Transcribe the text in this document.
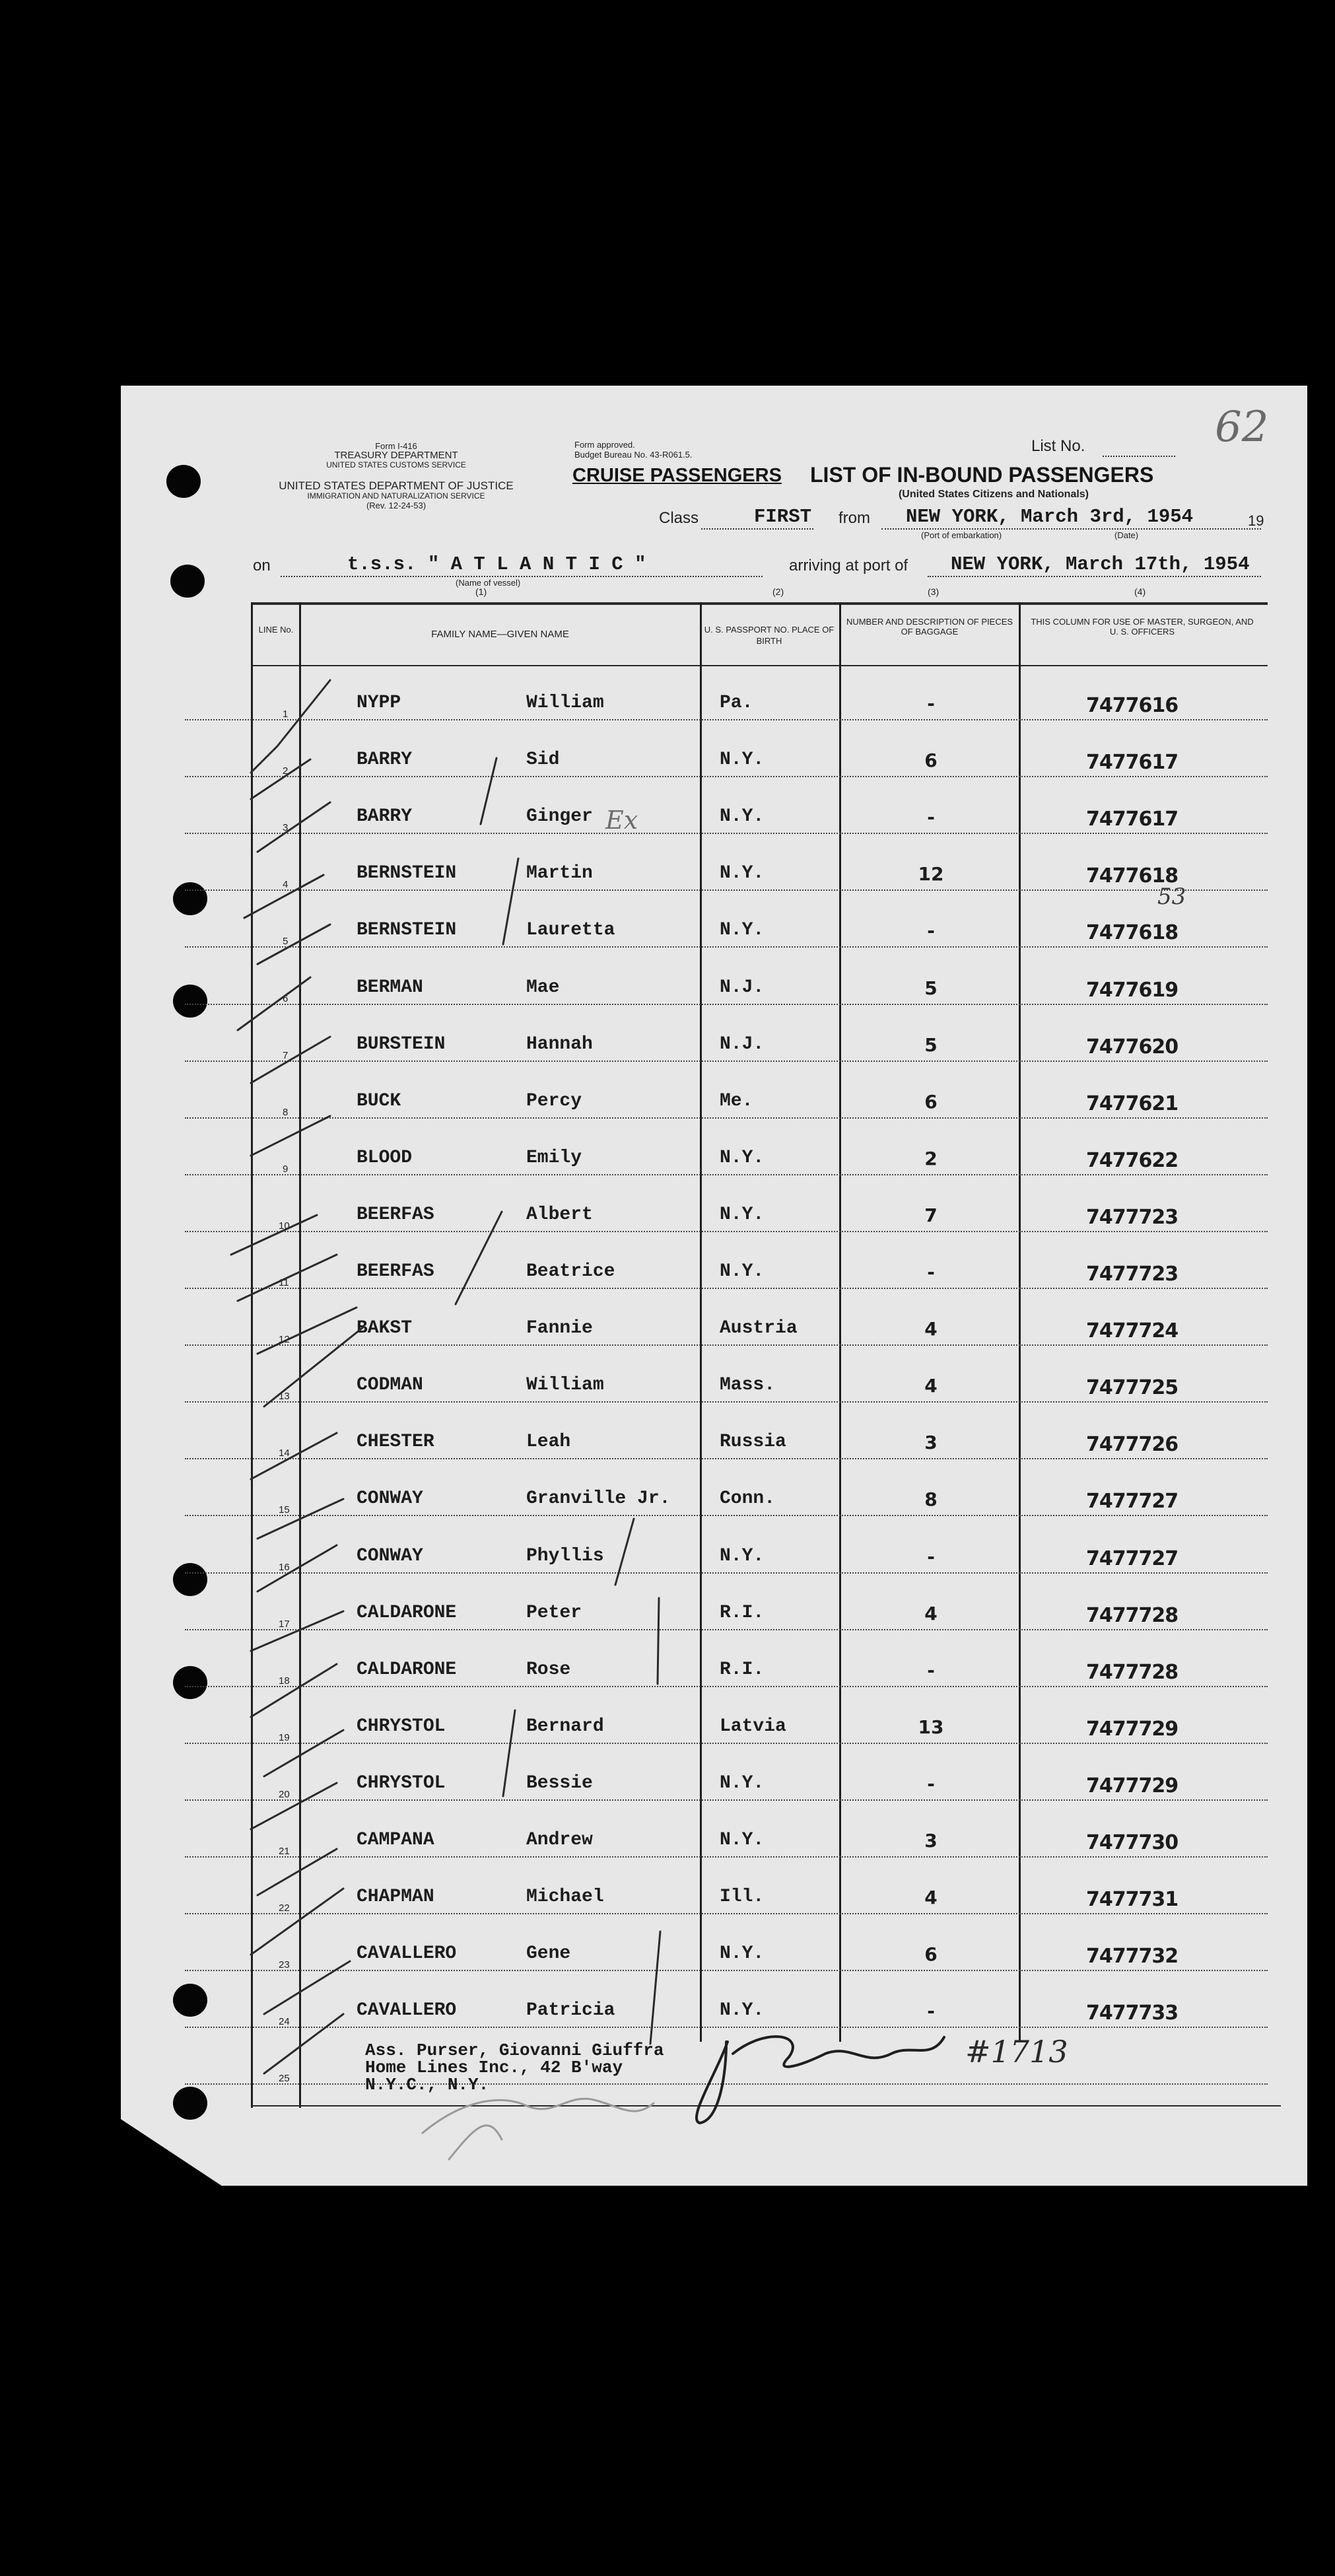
Form I-416
TREASURY DEPARTMENT
UNITED STATES CUSTOMS SERVICE
UNITED STATES DEPARTMENT OF JUSTICE
IMMIGRATION AND NATURALIZATION SERVICE
(Rev. 12-24-53)
Form approved.
Budget Bureau No. 43-R061.5.
CRUISE PASSENGERS LIST OF IN-BOUND PASSENGERS
(United States Citizens and Nationals)
List No.
Class	FIRST from NEW YORK, March 3rd, 1954	19
(Port of embarkation)	(Date)
on	t.s.s. " A T L A N T I C "
(Name of vessel)
arriving at port of NEW YORK, March 17th, 1954
(1)	(2)	(3)	(4)
LINE No.	FAMILY NAME—GIVEN NAME	U. S. PASSPORT NO. PLACE OF BIRTH
NUMBER AND DESCRIPTION OF PIECES OF BAGGAGE
THIS COLUMN FOR USE OF MASTER, SURGEON, AND U. S. OFFICERS
1
NYPP	William	Pa.	-	7477616
2
BARRY	Sid	N.Y.	6	7477617
3
BARRY	Ginger	N.Y.	-	7477617
4
BERNSTEIN	Martin	N.Y.	12	7477618
5
BERNSTEIN	Lauretta	N.Y.	-	7477618
6
BERMAN	Mae	N.J.	5	7477619
7
BURSTEIN	Hannah	N.J.	5	7477620
8
BUCK	Percy	Me.	6	7477621
9
BLOOD	Emily	N.Y.	2	7477622
10
BEERFAS	Albert	N.Y.	7	7477723
11
BEERFAS	Beatrice	N.Y.	-	7477723
12
BAKST	Fannie	Austria	4	7477724
13
CODMAN	William	Mass.	4	7477725
14
CHESTER	Leah	Russia	3	7477726
15
CONWAY	Granville Jr.	Conn.	8	7477727
16
CONWAY	Phyllis	N.Y.	-	7477727
17
CALDARONE	Peter	R.I.	4	7477728
18
CALDARONE	Rose	R.I.	-	7477728
19
CHRYSTOL	Bernard	Latvia	13	7477729
20
CHRYSTOL	Bessie	N.Y.	-	7477729
21
CAMPANA	Andrew	N.Y.	3	7477730
22
CHAPMAN	Michael	Ill.	4	7477731
23
CAVALLERO	Gene	N.Y.	6	7477732
24
CAVALLERO	Patricia	N.Y.	-	7477733
25
Ass. Purser, Giovanni Giuffra
Home Lines Inc., 42 B'way
N.Y.C., N.Y.
62
53
Ex
#1713
